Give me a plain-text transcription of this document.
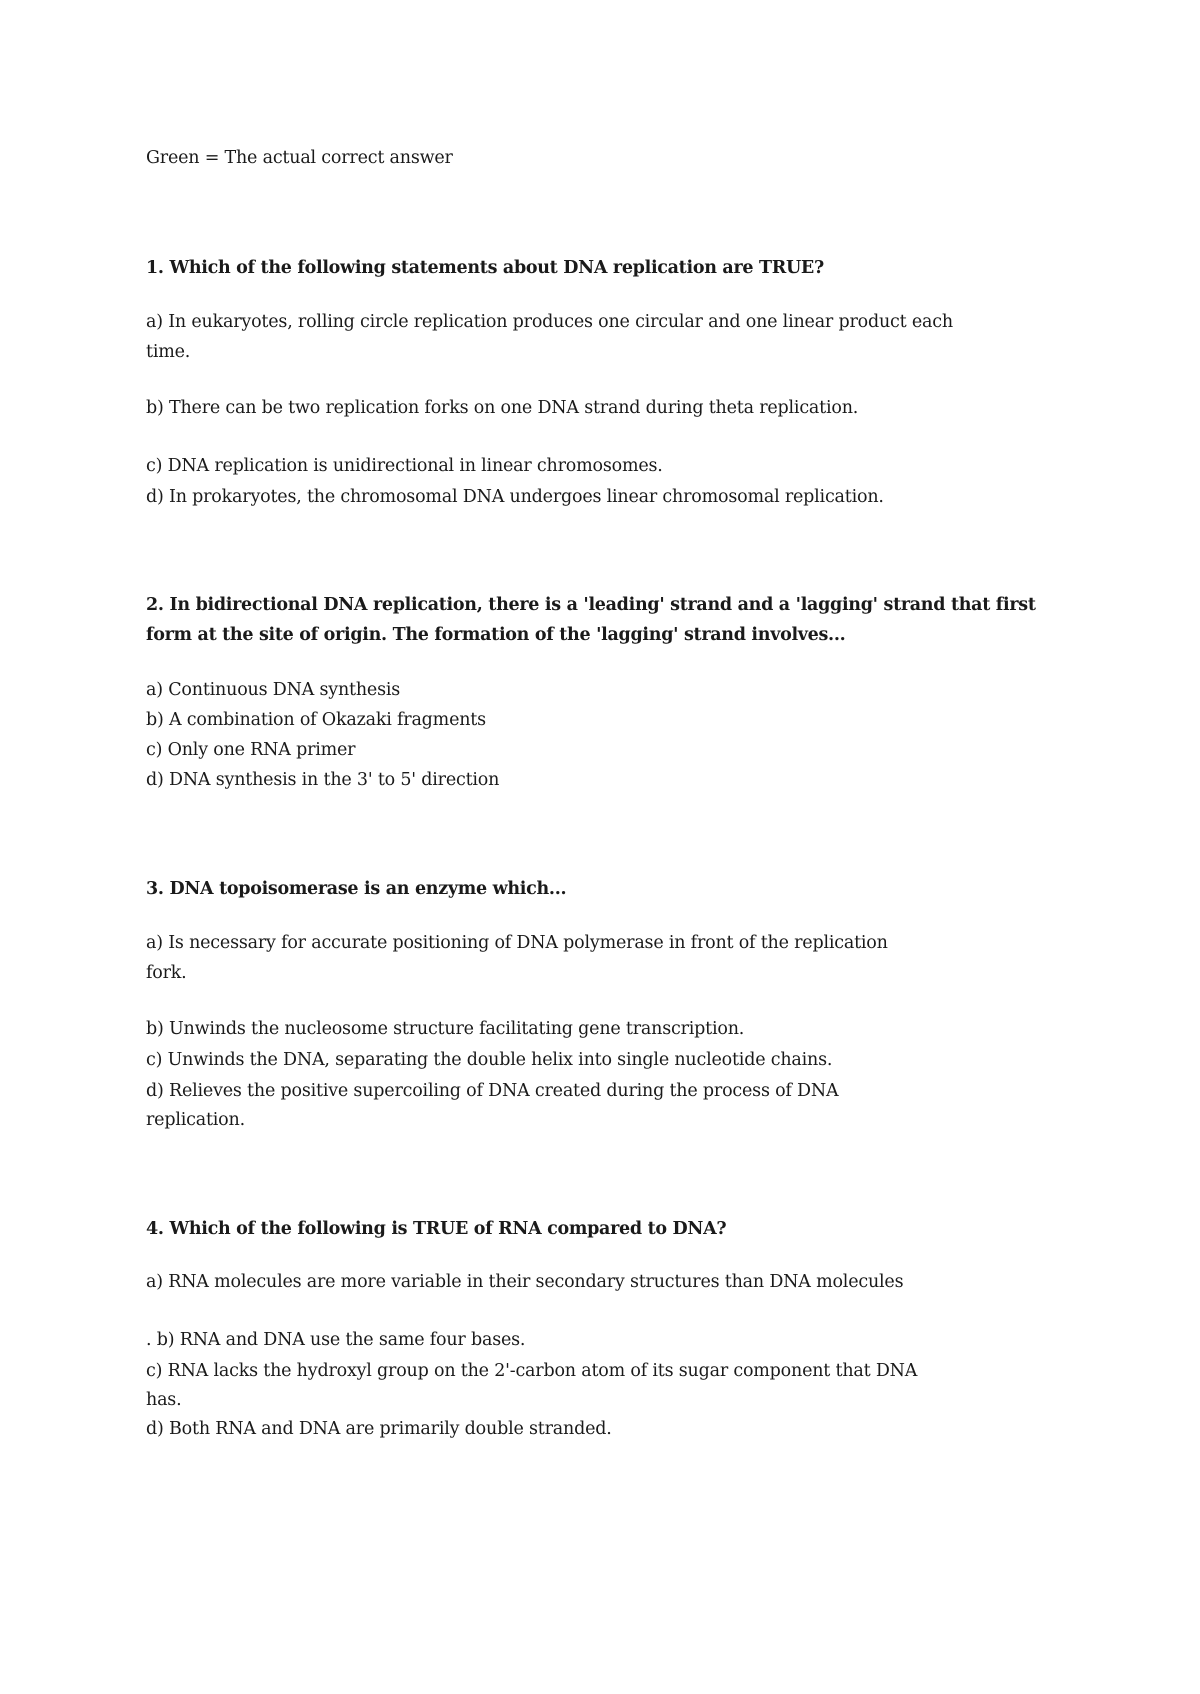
Green = The actual correct answer
1. Which of the following statements about DNA replication are TRUE?
a) In eukaryotes, rolling circle replication produces one circular and one linear product each
time.
b) There can be two replication forks on one DNA strand during theta replication.
c) DNA replication is unidirectional in linear chromosomes.
d) In prokaryotes, the chromosomal DNA undergoes linear chromosomal replication.
2. In bidirectional DNA replication, there is a 'leading' strand and a 'lagging' strand that first
form at the site of origin. The formation of the 'lagging' strand involves...
a) Continuous DNA synthesis
b) A combination of Okazaki fragments
c) Only one RNA primer
d) DNA synthesis in the 3' to 5' direction
3. DNA topoisomerase is an enzyme which...
a) Is necessary for accurate positioning of DNA polymerase in front of the replication
fork.
b) Unwinds the nucleosome structure facilitating gene transcription.
c) Unwinds the DNA, separating the double helix into single nucleotide chains.
d) Relieves the positive supercoiling of DNA created during the process of DNA
replication.
4. Which of the following is TRUE of RNA compared to DNA?
a) RNA molecules are more variable in their secondary structures than DNA molecules
. b) RNA and DNA use the same four bases.
c) RNA lacks the hydroxyl group on the 2'-carbon atom of its sugar component that DNA
has.
d) Both RNA and DNA are primarily double stranded.
